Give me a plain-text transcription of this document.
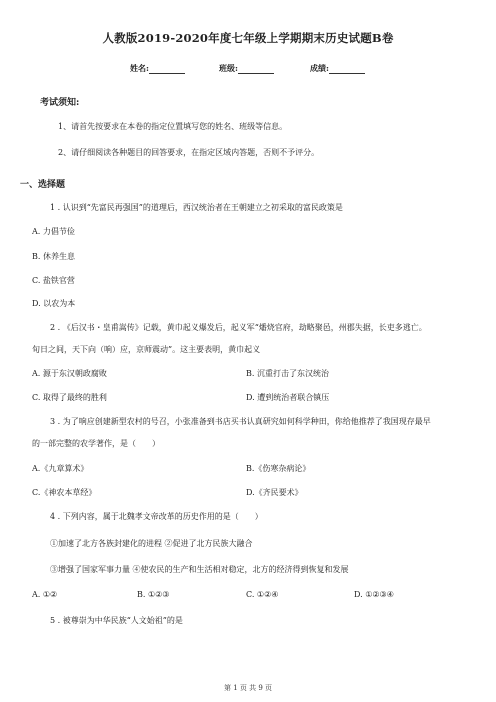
人教版2019-2020年度七年级上学期期末历史试题B卷
姓名:	班级:	成绩:
考试须知:
1、请首先按要求在本卷的指定位置填写您的姓名、班级等信息。
2、请仔细阅读各种题目的回答要求，在指定区域内答题，否则不予评分。
一、选择题
1 . 认识到“先富民再强国”的道理后，西汉统治者在王朝建立之初采取的富民政策是
A. 力倡节俭
B. 休养生息
C. 盐铁官营
D. 以农为本
2 . 《后汉书・皇甫嵩传》记载，黄巾起义爆发后，起义军“燔烧官府，劫略聚邑，州郡失据，长吏多逃亡。
旬日之间，天下向（响）应，京师震动”。这主要表明，黄巾起义
A. 源于东汉朝政腐败	B. 沉重打击了东汉统治
C. 取得了最终的胜利	D. 遭到统治者联合镇压
3 . 为了响应创建新型农村的号召，小张准备到书店买书认真研究如何科学种田，你给他推荐了我国现存最早
的一部完整的农学著作，是（　　）
A.《九章算术》	B.《伤寒杂病论》
C.《神农本草经》	D.《齐民要术》
4 . 下列内容，属于北魏孝文帝改革的历史作用的是（　　）
①加速了北方各族封建化的进程 ②促进了北方民族大融合
③增强了国家军事力量 ④使农民的生产和生活相对稳定，北方的经济得到恢复和发展
A. ①②	B. ①②③	C. ①②④	D. ①②③④
5 . 被尊崇为中华民族“人文始祖”的是
第 1 页 共 9 页
